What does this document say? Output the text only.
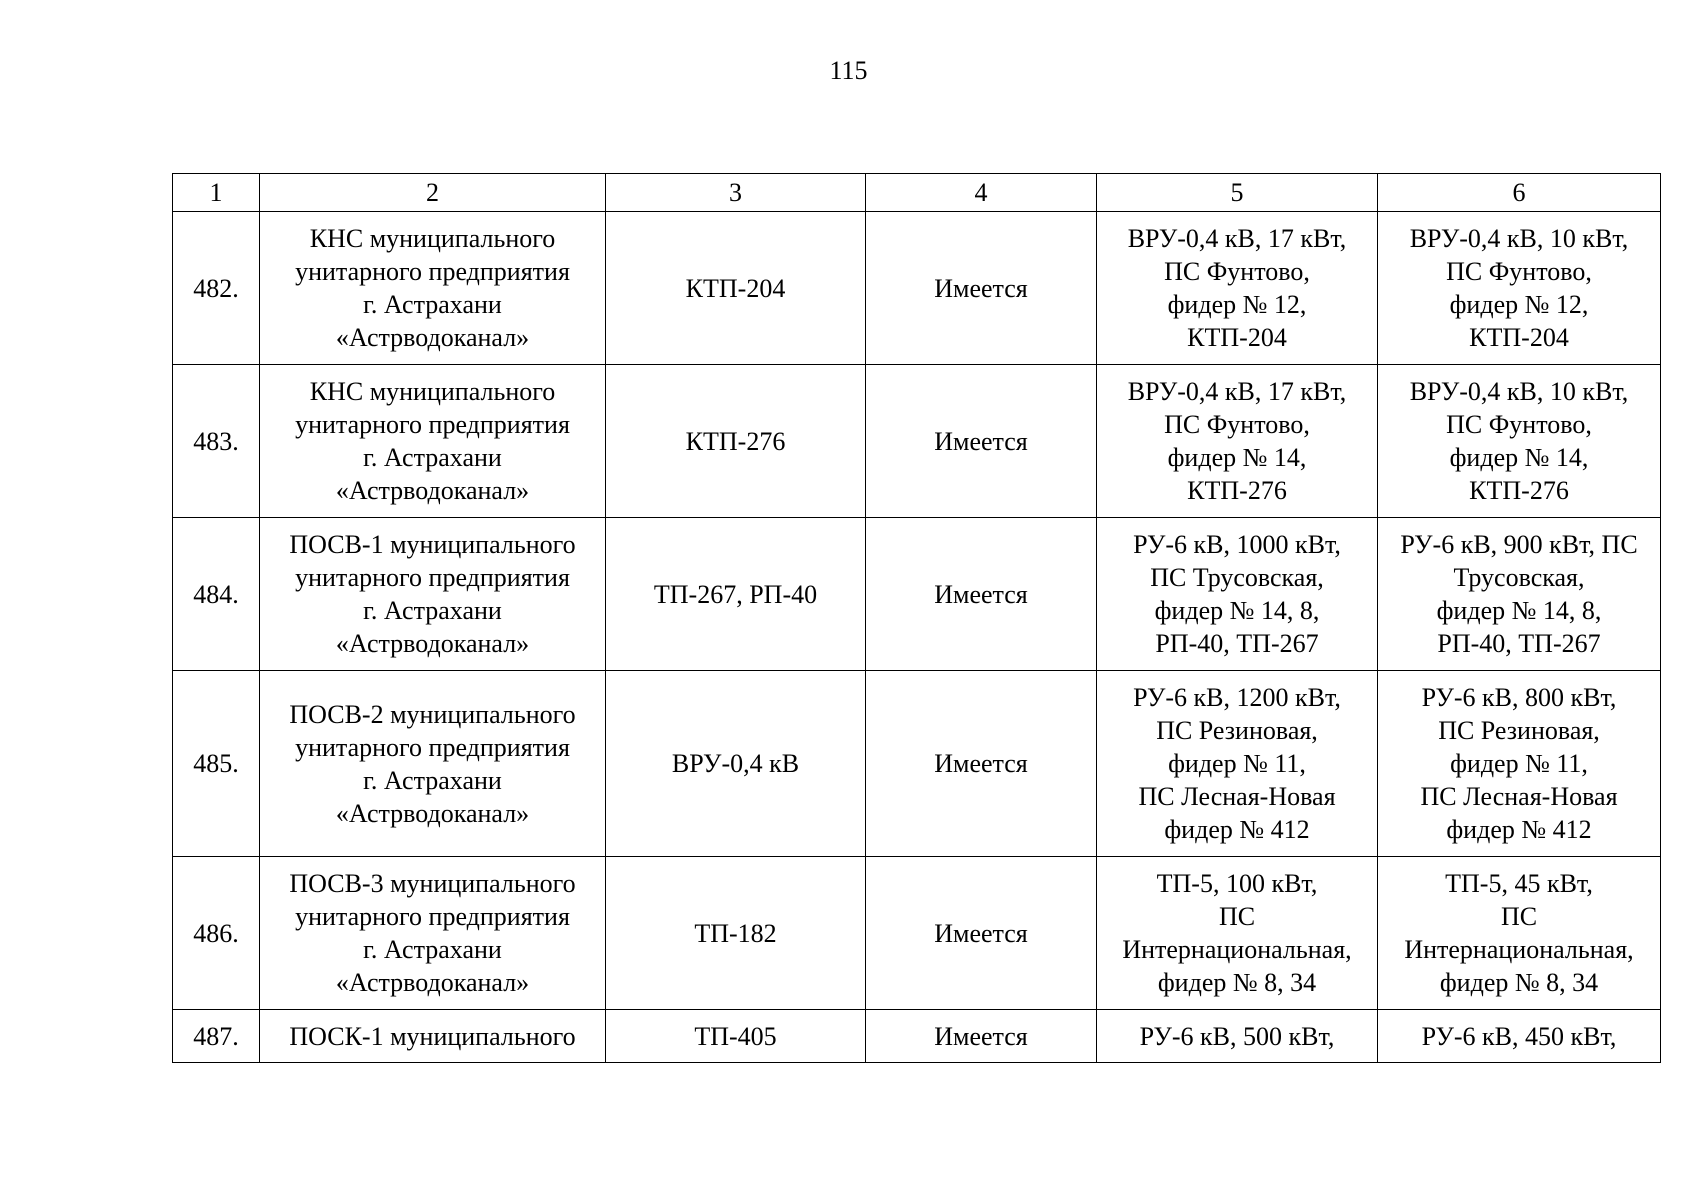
115
1	2	3	4	5	6
482.	КНС муниципального
унитарного предприятия
г. Астрахани
«Астрводоканал»	КТП-204	Имеется	ВРУ-0,4 кВ, 17 кВт,
ПС Фунтово,
фидер № 12,
КТП-204	ВРУ-0,4 кВ, 10 кВт,
ПС Фунтово,
фидер № 12,
КТП-204
483.	КНС муниципального
унитарного предприятия
г. Астрахани
«Астрводоканал»	КТП-276	Имеется	ВРУ-0,4 кВ, 17 кВт,
ПС Фунтово,
фидер № 14,
КТП-276	ВРУ-0,4 кВ, 10 кВт,
ПС Фунтово,
фидер № 14,
КТП-276
484.	ПОСВ-1 муниципального
унитарного предприятия
г. Астрахани
«Астрводоканал»	ТП-267, РП-40	Имеется	РУ-6 кВ, 1000 кВт,
ПС Трусовская,
фидер № 14, 8,
РП-40, ТП-267	РУ-6 кВ, 900 кВт, ПС
Трусовская,
фидер № 14, 8,
РП-40, ТП-267
485.	ПОСВ-2 муниципального
унитарного предприятия
г. Астрахани
«Астрводоканал»	ВРУ-0,4 кВ	Имеется	РУ-6 кВ, 1200 кВт,
ПС Резиновая,
фидер № 11,
ПС Лесная-Новая
фидер № 412	РУ-6 кВ, 800 кВт,
ПС Резиновая,
фидер № 11,
ПС Лесная-Новая
фидер № 412
486.	ПОСВ-3 муниципального
унитарного предприятия
г. Астрахани
«Астрводоканал»	ТП-182	Имеется	ТП-5, 100 кВт,
ПС
Интернациональная,
фидер № 8, 34	ТП-5, 45 кВт,
ПС
Интернациональная,
фидер № 8, 34
487.	ПОСК-1 муниципального	ТП-405	Имеется	РУ-6 кВ, 500 кВт,	РУ-6 кВ, 450 кВт,
